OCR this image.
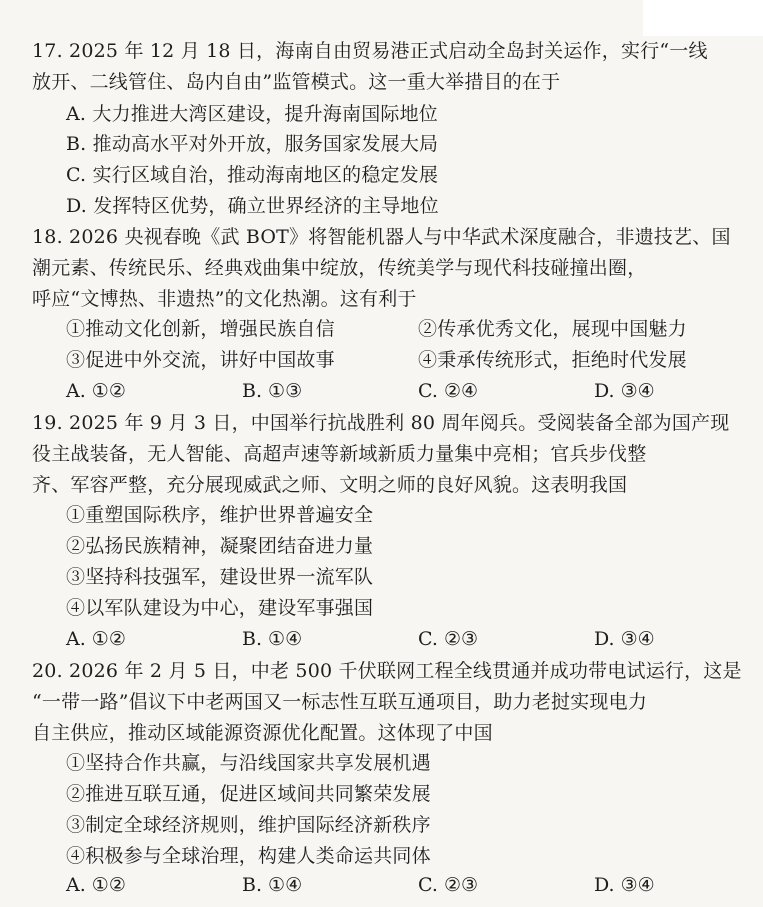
17. 2025 年 12 月 18 日，海南自由贸易港正式启动全岛封关运作，实行“一线
放开、二线管住、岛内自由”监管模式。这一重大举措目的在于
A. 大力推进大湾区建设，提升海南国际地位
B. 推动高水平对外开放，服务国家发展大局
C. 实行区域自治，推动海南地区的稳定发展
D. 发挥特区优势，确立世界经济的主导地位
18. 2026 央视春晚《武 BOT》将智能机器人与中华武术深度融合，非遗技艺、国
潮元素、传统民乐、经典戏曲集中绽放，传统美学与现代科技碰撞出圈，
呼应“文博热、非遗热”的文化热潮。这有利于
①推动文化创新，增强民族自信	②传承优秀文化，展现中国魅力
③促进中外交流，讲好中国故事	④秉承传统形式，拒绝时代发展
A. ①②	B. ①③	C. ②④	D. ③④
19. 2025 年 9 月 3 日，中国举行抗战胜利 80 周年阅兵。受阅装备全部为国产现
役主战装备，无人智能、高超声速等新域新质力量集中亮相；官兵步伐整
齐、军容严整，充分展现威武之师、文明之师的良好风貌。这表明我国
①重塑国际秩序，维护世界普遍安全
②弘扬民族精神，凝聚团结奋进力量
③坚持科技强军，建设世界一流军队
④以军队建设为中心，建设军事强国
A. ①②	B. ①④	C. ②③	D. ③④
20. 2026 年 2 月 5 日，中老 500 千伏联网工程全线贯通并成功带电试运行，这是
“一带一路”倡议下中老两国又一标志性互联互通项目，助力老挝实现电力
自主供应，推动区域能源资源优化配置。这体现了中国
①坚持合作共赢，与沿线国家共享发展机遇
②推进互联互通，促进区域间共同繁荣发展
③制定全球经济规则，维护国际经济新秩序
④积极参与全球治理，构建人类命运共同体
A. ①②	B. ①④	C. ②③	D. ③④
